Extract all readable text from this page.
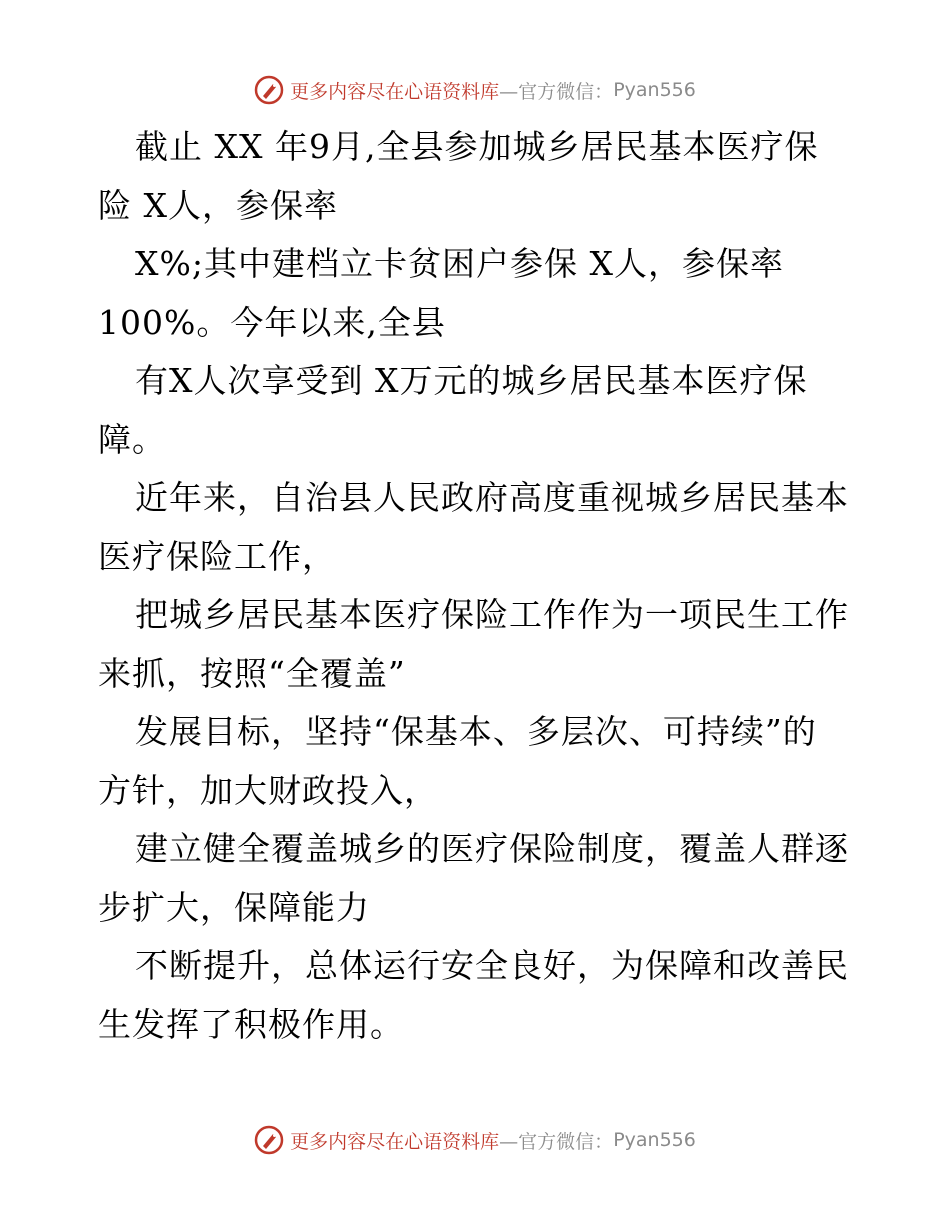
更多内容尽在心语资料库 —官方微信： Pyan556
截止 XX 年9月,全县参加城乡居民基本医疗保
险 X人，参保率
X%;其中建档立卡贫困户参保 X人，参保率
100%。今年以来,全县
有X人次享受到 X万元的城乡居民基本医疗保
障。
近年来，自治县人民政府高度重视城乡居民基本
医疗保险工作，
把城乡居民基本医疗保险工作作为一项民生工作
来抓，按照“全覆盖”
发展目标，坚持“保基本、多层次、可持续”的
方针，加大财政投入，
建立健全覆盖城乡的医疗保险制度，覆盖人群逐
步扩大，保障能力
不断提升，总体运行安全良好，为保障和改善民
生发挥了积极作用。
更多内容尽在心语资料库 —官方微信： Pyan556
